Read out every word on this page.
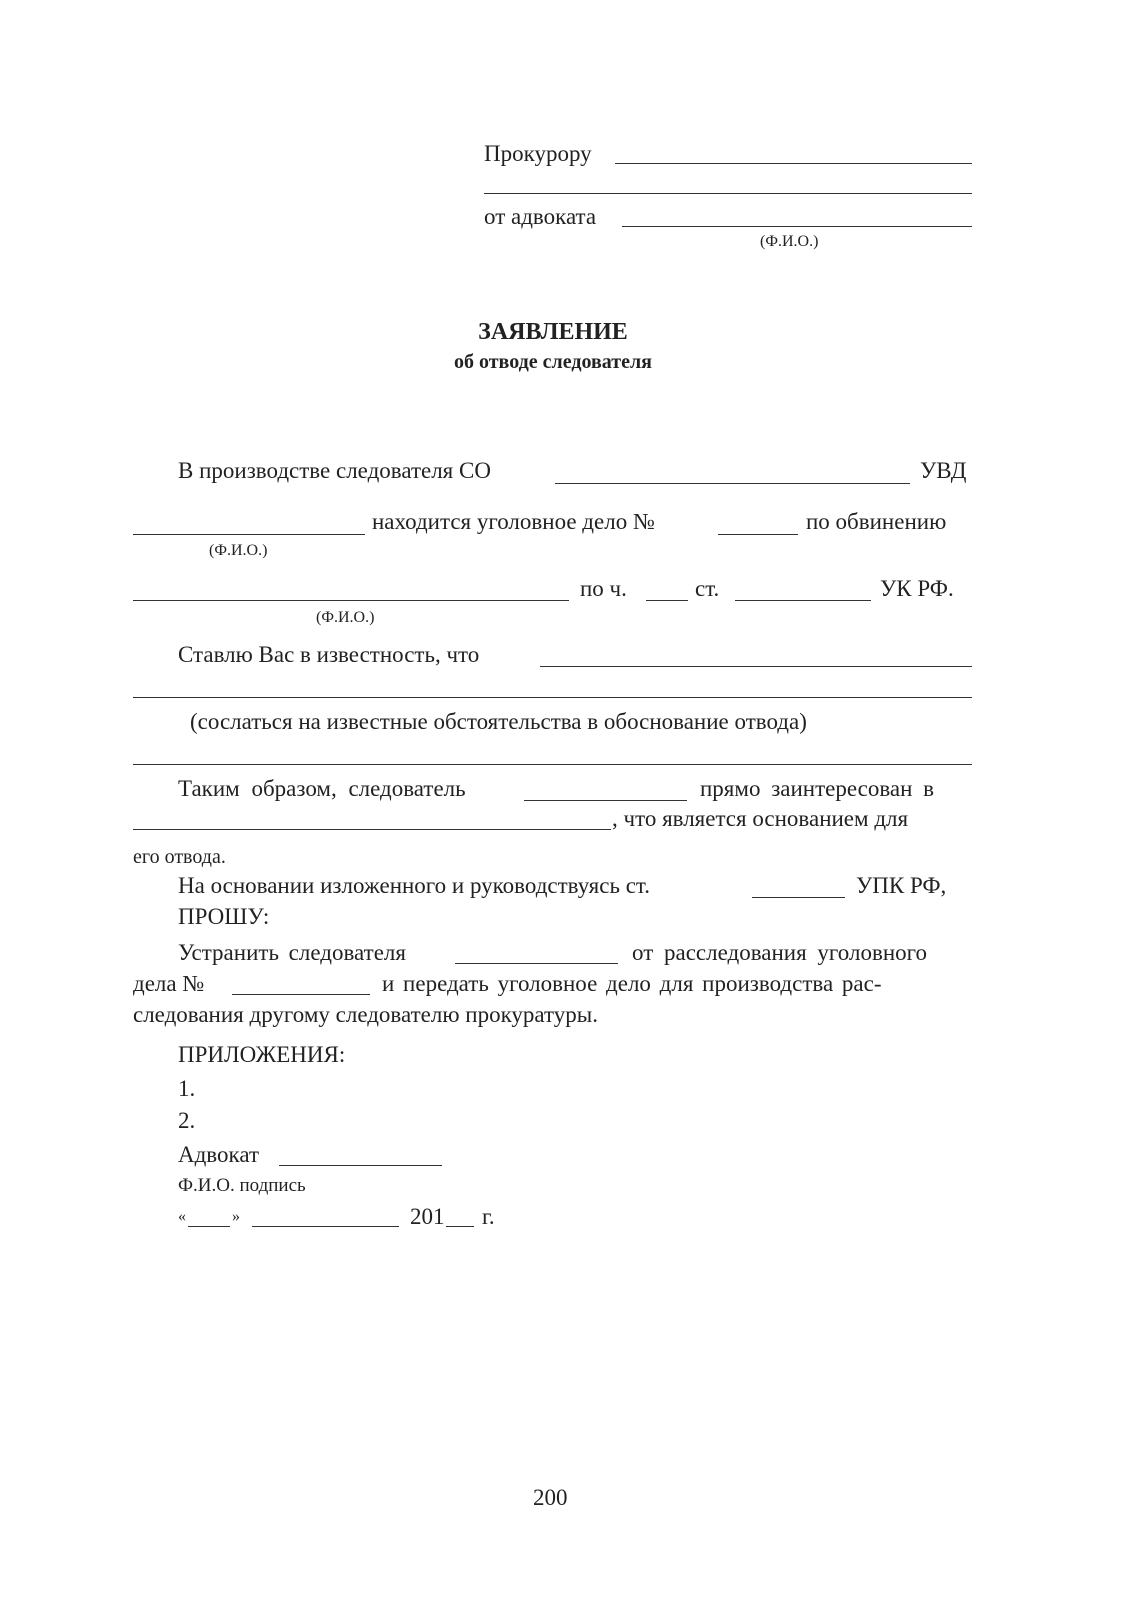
Прокурору
от адвоката
(Ф.И.О.)
ЗАЯВЛЕНИЕ
об отводе следователя
В производстве следователя СО	УВД
находится уголовное дело №	по обвинению
(Ф.И.О.)
по ч.	ст.	УК РФ.
(Ф.И.О.)
Ставлю Вас в известность, что
(сослаться на известные обстоятельства в обоснование отвода)
Таким образом, следователь	прямо заинтересован в
, что является основанием для
его отвода.
На основании изложенного и руководствуясь ст.	УПК РФ,
ПРОШУ:
Устранить следователя	от расследования уголовного
дела №	и передать уголовное дело для производства рас-
следования другому следователю прокуратуры.
ПРИЛОЖЕНИЯ:
1.
2.
Адвокат
Ф.И.О. подпись
«	»	201 г.
200
